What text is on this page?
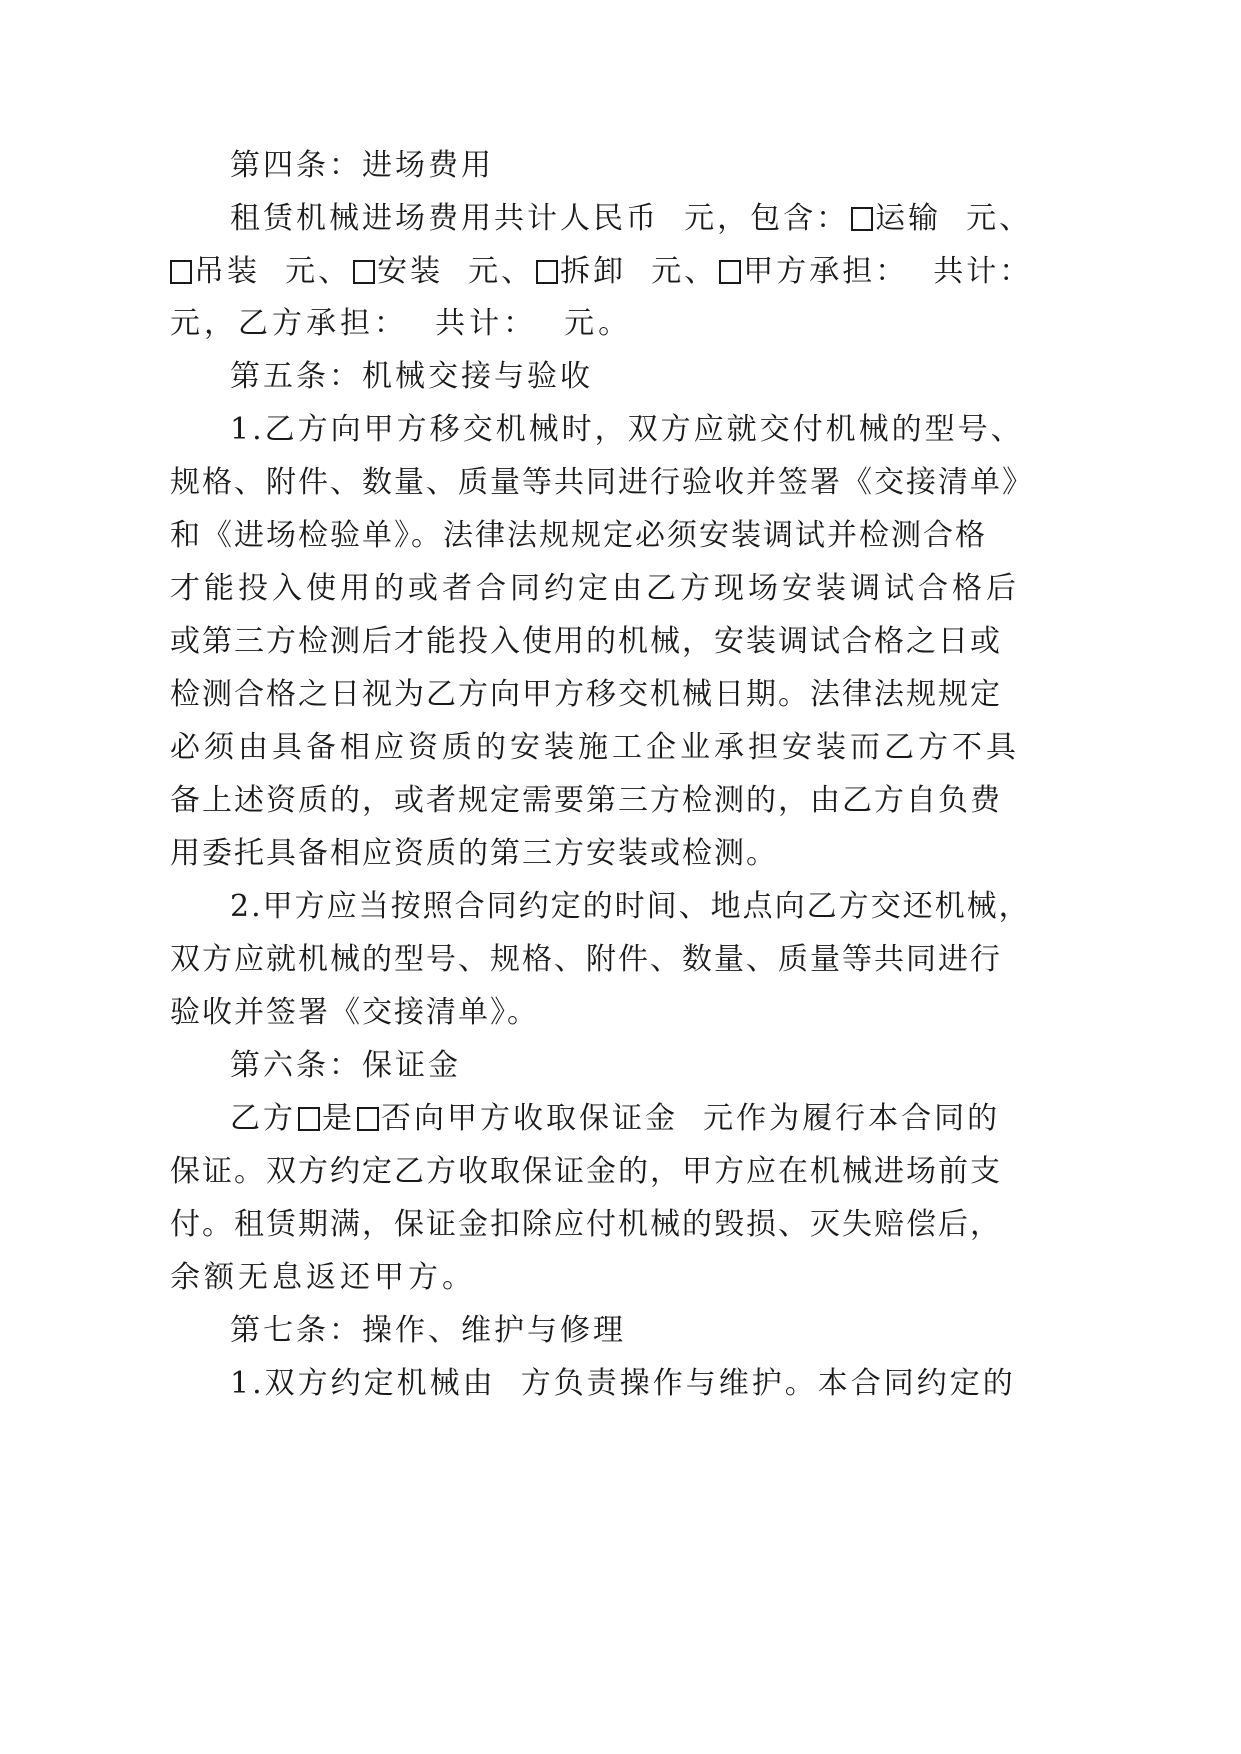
第四条：进场费用

租赁机械进场费用共计人民币  元，包含： 运输  元、

吊装  元、 安装  元、 拆卸  元、 甲方承担：  共计：

元，乙方承担：  共计：  元。

第五条：机械交接与验收

1.乙方向甲方移交机械时，双方应就交付机械的型号、

规格、附件、数量、质量等共同进行验收并签署《交接清单》

和《进场检验单》。法律法规规定必须安装调试并检测合格

才能投入使用的或者合同约定由乙方现场安装调试合格后

或第三方检测后才能投入使用的机械，安装调试合格之日或

检测合格之日视为乙方向甲方移交机械日期。法律法规规定

必须由具备相应资质的安装施工企业承担安装而乙方不具

备上述资质的，或者规定需要第三方检测的，由乙方自负费

用委托具备相应资质的第三方安装或检测。

2.甲方应当按照合同约定的时间、地点向乙方交还机械，

双方应就机械的型号、规格、附件、数量、质量等共同进行

验收并签署《交接清单》。

第六条：保证金

乙方 是 否向甲方收取保证金  元作为履行本合同的

保证。双方约定乙方收取保证金的，甲方应在机械进场前支

付。租赁期满，保证金扣除应付机械的毁损、灭失赔偿后，

余额无息返还甲方。

第七条：操作、维护与修理

1.双方约定机械由  方负责操作与维护。本合同约定的
